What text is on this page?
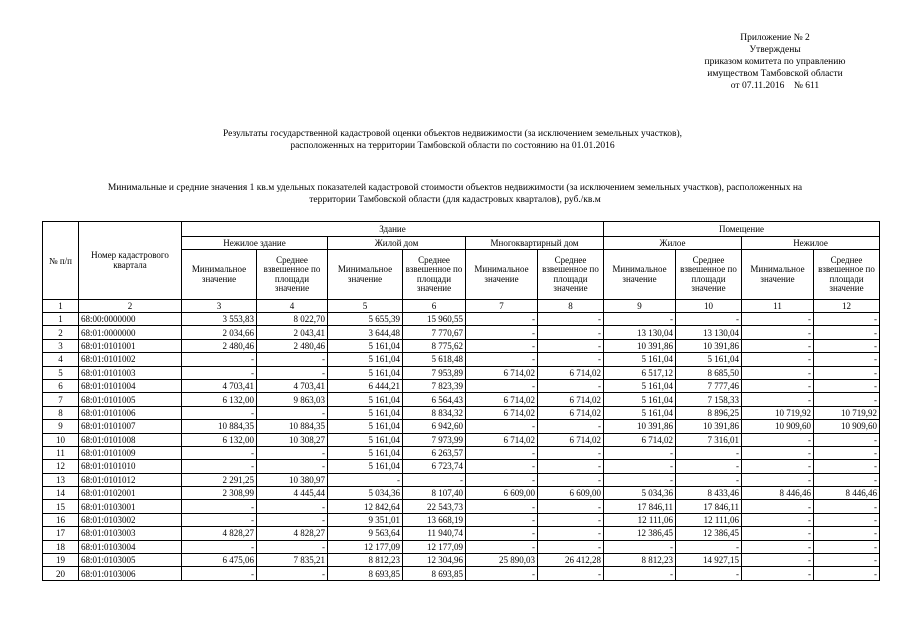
Приложение № 2
Утверждены
приказом комитета по управлению
имуществом Тамбовской области
от 07.11.2016    № 611
Результаты государственной кадастровой оценки объектов недвижимости (за исключением земельных участков),
расположенных на территории Тамбовской области по состоянию на 01.01.2016
Минимальные и средние значения 1 кв.м удельных показателей кадастровой стоимости объектов недвижимости (за исключением земельных участков), расположенных на
территории Тамбовской области (для кадастровых кварталов), руб./кв.м
№ п/п	Номер кадастрового квартала	Здание						Помещение			
		Нежилое здание		Жилой дом		Многоквартирный дом		Жилое		Нежилое	
		Минимальное значение	Среднее взвешенное по площади значение	Минимальное значение	Среднее взвешенное по площади значение	Минимальное значение	Среднее взвешенное по площади значение	Минимальное значение	Среднее взвешенное по площади значение	Минимальное значение	Среднее взвешенное по площади значение
1	2	3	4	5	6	7	8	9	10	11	12
1	68:00:0000000	3 553,83	8 022,70	5 655,39	15 960,55	-	-	-	-	-	-
2	68:01:0000000	2 034,66	2 043,41	3 644,48	7 770,67	-	-	13 130,04	13 130,04	-	-
3	68:01:0101001	2 480,46	2 480,46	5 161,04	8 775,62	-	-	10 391,86	10 391,86	-	-
4	68:01:0101002	-	-	5 161,04	5 618,48	-	-	5 161,04	5 161,04	-	-
5	68:01:0101003	-	-	5 161,04	7 953,89	6 714,02	6 714,02	6 517,12	8 685,50	-	-
6	68:01:0101004	4 703,41	4 703,41	6 444,21	7 823,39	-	-	5 161,04	7 777,46	-	-
7	68:01:0101005	6 132,00	9 863,03	5 161,04	6 564,43	6 714,02	6 714,02	5 161,04	7 158,33	-	-
8	68:01:0101006	-	-	5 161,04	8 834,32	6 714,02	6 714,02	5 161,04	8 896,25	10 719,92	10 719,92
9	68:01:0101007	10 884,35	10 884,35	5 161,04	6 942,60	-	-	10 391,86	10 391,86	10 909,60	10 909,60
10	68:01:0101008	6 132,00	10 308,27	5 161,04	7 973,99	6 714,02	6 714,02	6 714,02	7 316,01	-	-
11	68:01:0101009	-	-	5 161,04	6 263,57	-	-	-	-	-	-
12	68:01:0101010	-	-	5 161,04	6 723,74	-	-	-	-	-	-
13	68:01:0101012	2 291,25	10 380,97	-	-	-	-	-	-	-	-
14	68:01:0102001	2 308,99	4 445,44	5 034,36	8 107,40	6 609,00	6 609,00	5 034,36	8 433,46	8 446,46	8 446,46
15	68:01:0103001	-	-	12 842,64	22 543,73	-	-	17 846,11	17 846,11	-	-
16	68:01:0103002	-	-	9 351,01	13 668,19	-	-	12 111,06	12 111,06	-	-
17	68:01:0103003	4 828,27	4 828,27	9 563,64	11 940,74	-	-	12 386,45	12 386,45	-	-
18	68:01:0103004	-	-	12 177,09	12 177,09	-	-	-	-	-	-
19	68:01:0103005	6 475,06	7 835,21	8 812,23	12 304,96	25 890,03	26 412,28	8 812,23	14 927,15	-	-
20	68:01:0103006	-	-	8 693,85	8 693,85	-	-	-	-	-	-
